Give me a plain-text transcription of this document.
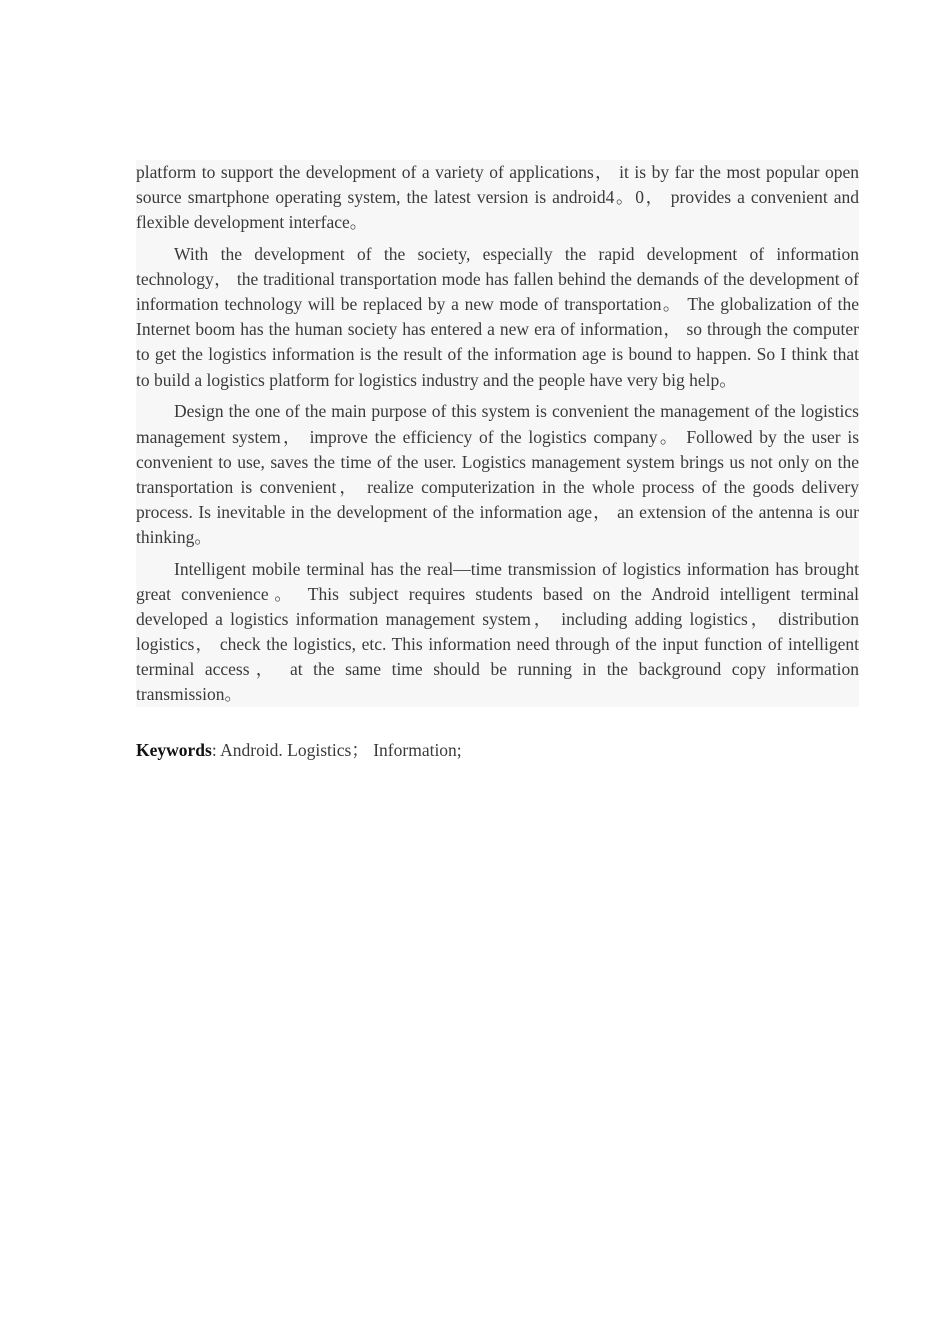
platform to support the development of a variety of applications， it is by far the most popular open source smartphone operating system, the latest version is android4。0， provides a convenient and flexible development interface。

With the development of the society, especially the rapid development of information technology， the traditional transportation mode has fallen behind the demands of the development of information technology will be replaced by a new mode of transportation。 The globalization of the Internet boom has the human society has entered a new era of information， so through the computer to get the logistics information is the result of the information age is bound to happen. So I think that to build a logistics platform for logistics industry and the people have very big help。

Design the one of the main purpose of this system is convenient the management of the logistics management system， improve the efficiency of the logistics company。 Followed by the user is convenient to use, saves the time of the user. Logistics management system brings us not only on the transportation is convenient， realize computerization in the whole process of the goods delivery process. Is inevitable in the development of the information age， an extension of the antenna is our thinking。

Intelligent mobile terminal has the real—time transmission of logistics information has brought great convenience。 This subject requires students based on the Android intelligent terminal developed a logistics information management system， including adding logistics， distribution logistics， check the logistics, etc. This information need through of the input function of intelligent terminal access， at the same time should be running in the background copy information transmission。

Keywords: Android. Logistics； Information;
